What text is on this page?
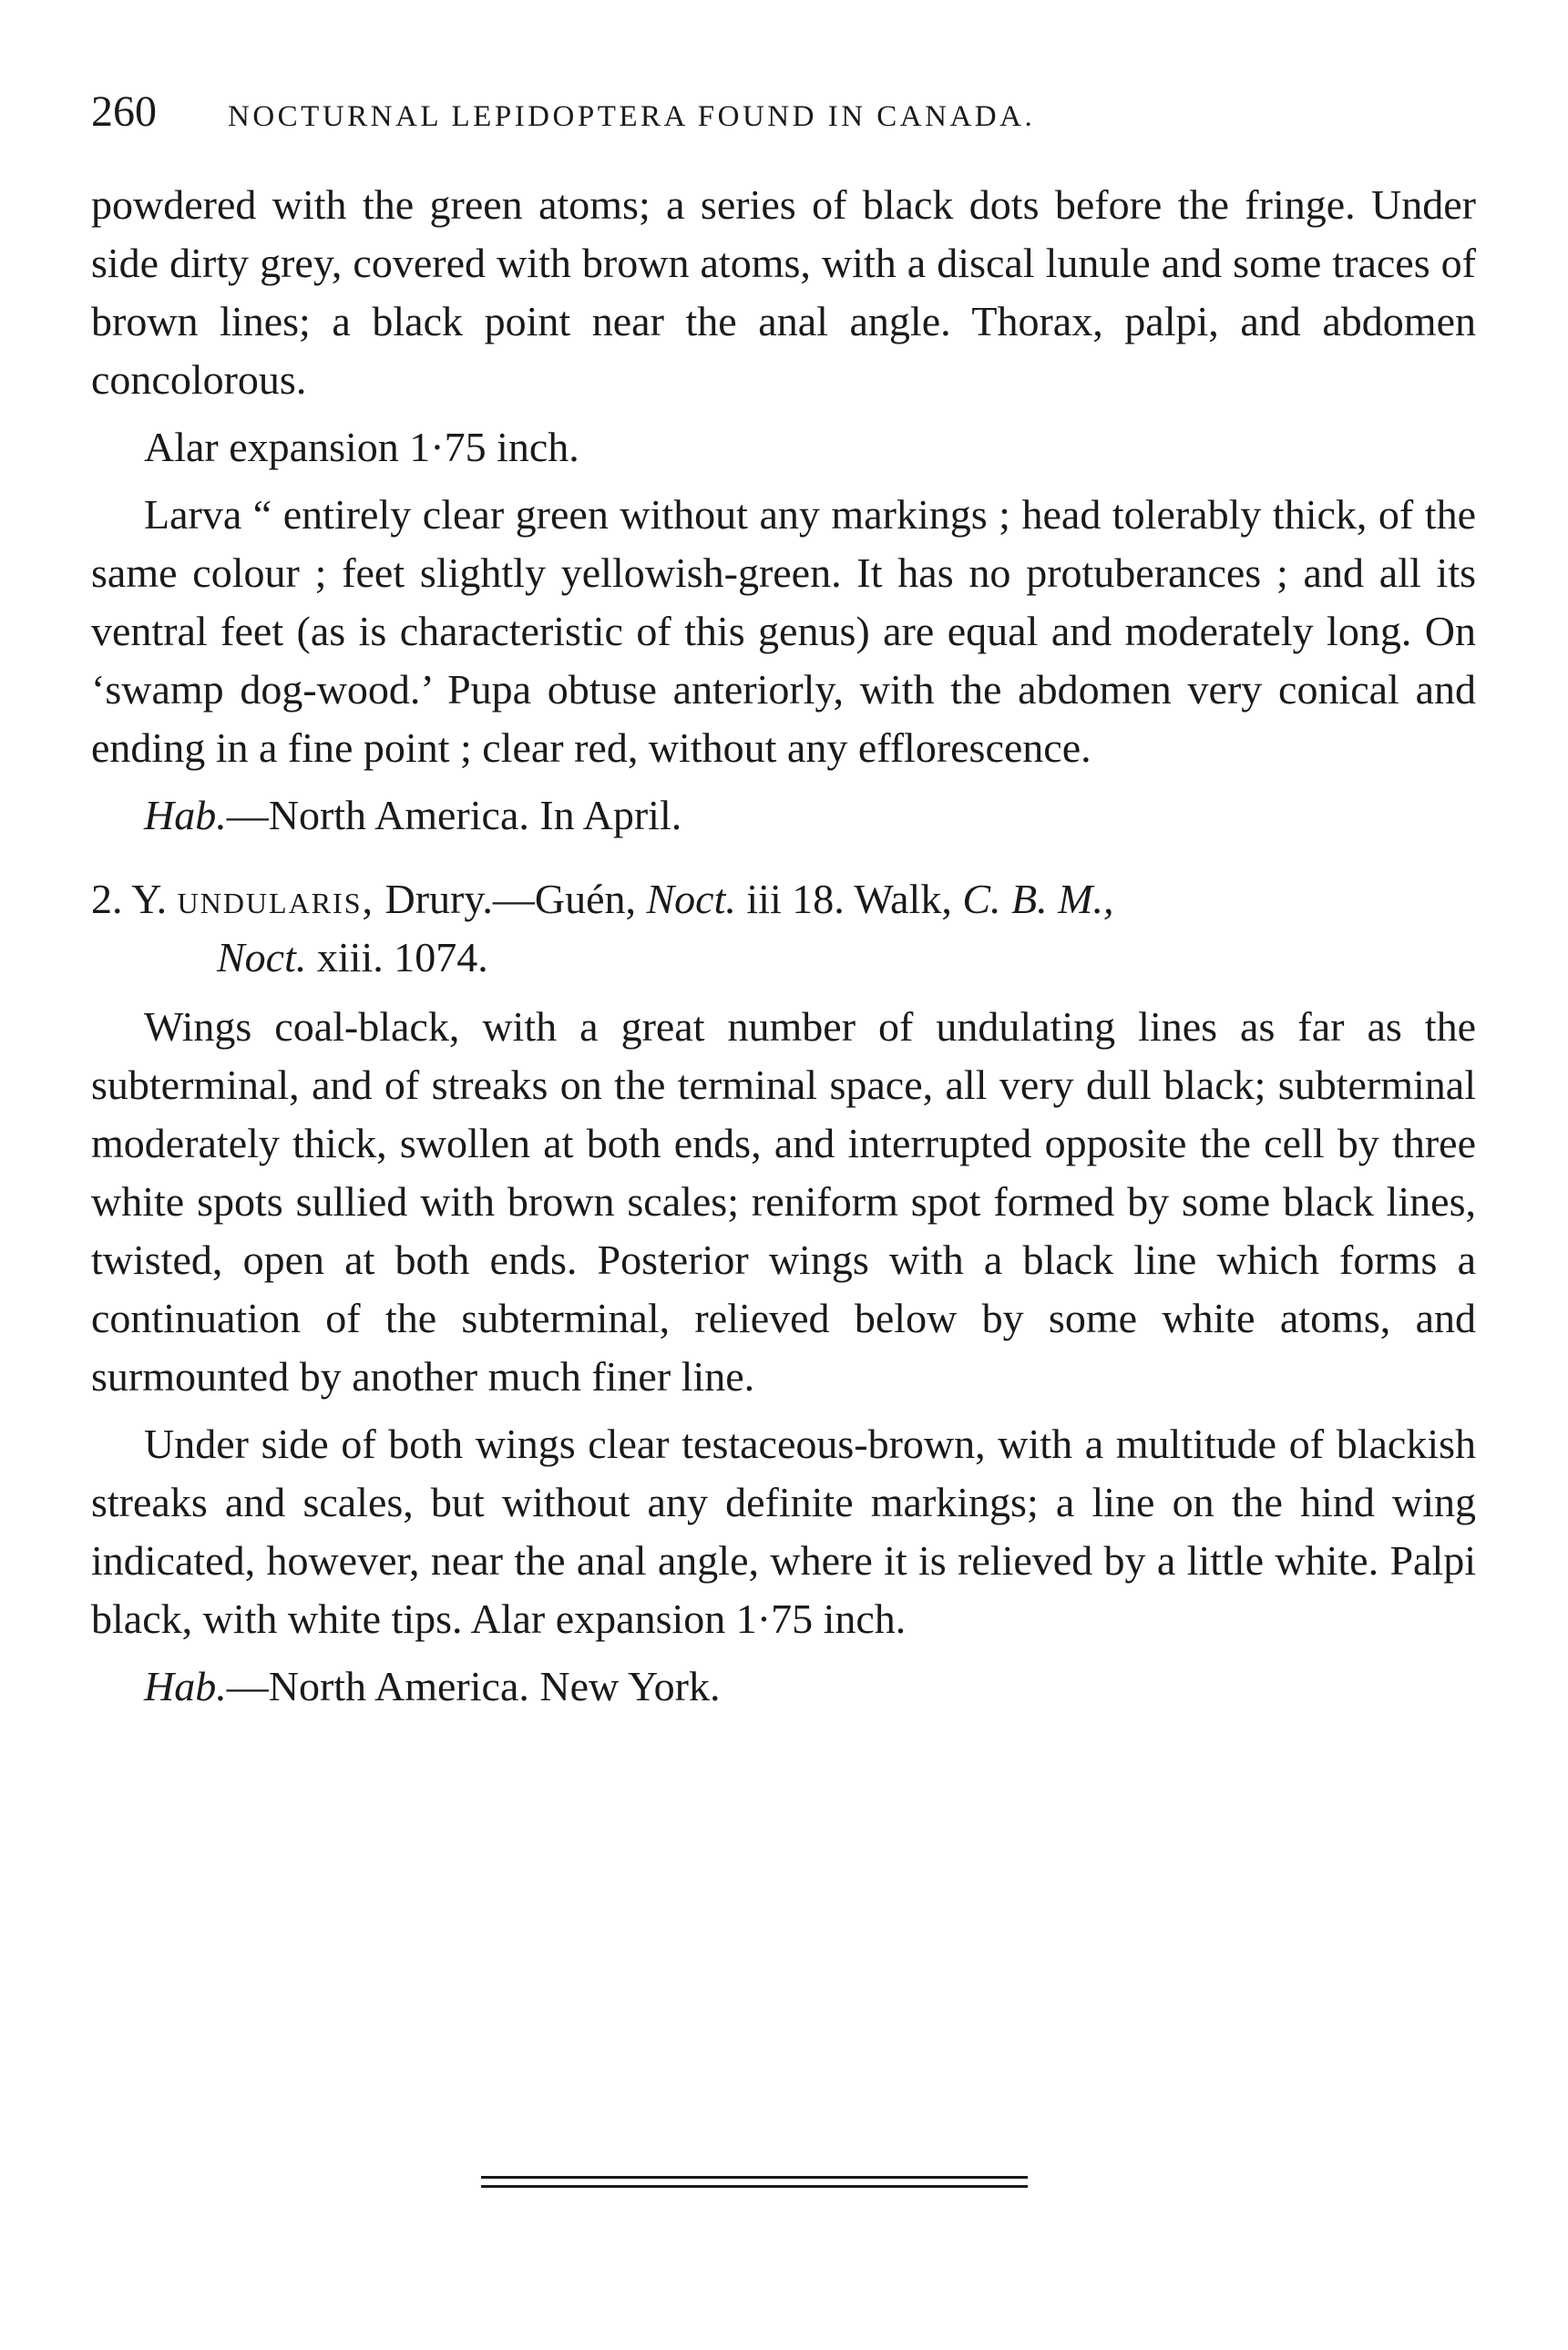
260	NOCTURNAL LEPIDOPTERA FOUND IN CANADA.

powdered with the green atoms; a series of black dots before the fringe. Under side dirty grey, covered with brown atoms, with a discal lunule and some traces of brown lines; a black point near the anal angle. Thorax, palpi, and abdomen concolorous.

Alar expansion 1·75 inch.

Larva “ entirely clear green without any markings ; head tolerably thick, of the same colour ; feet slightly yellowish-green. It has no protuberances ; and all its ventral feet (as is characteristic of this genus) are equal and moderately long. On ‘swamp dog-wood.’ Pupa obtuse anteriorly, with the abdomen very conical and ending in a fine point ; clear red, without any efflorescence.

Hab.—North America. In April.

2. Y. undularis, Drury.—Guén, Noct. iii 18. Walk, C. B. M.,

Noct. xiii. 1074.

Wings coal-black, with a great number of undulating lines as far as the subterminal, and of streaks on the terminal space, all very dull black; subterminal moderately thick, swollen at both ends, and interrupted opposite the cell by three white spots sullied with brown scales; reniform spot formed by some black lines, twisted, open at both ends. Posterior wings with a black line which forms a continuation of the subterminal, relieved below by some white atoms, and surmounted by another much finer line.

Under side of both wings clear testaceous-brown, with a multitude of blackish streaks and scales, but without any definite markings; a line on the hind wing indicated, however, near the anal angle, where it is relieved by a little white. Palpi black, with white tips. Alar expansion 1·75 inch.

Hab.—North America. New York.
